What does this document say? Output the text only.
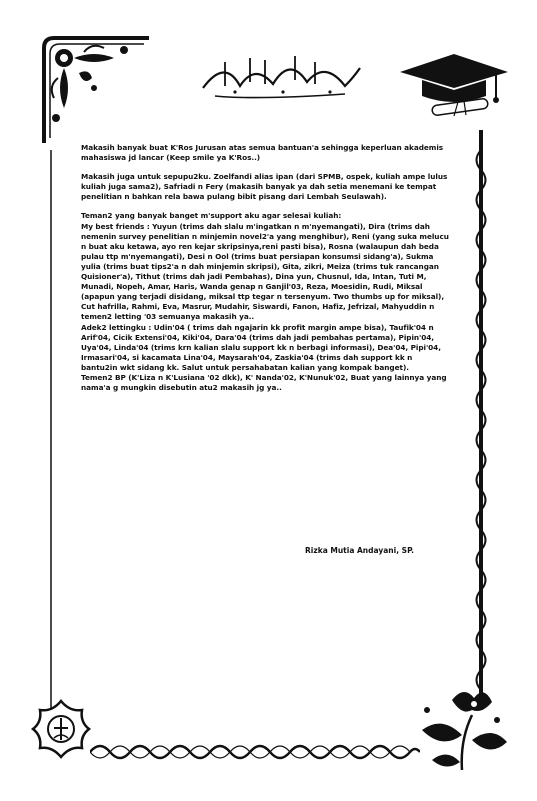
Makasih banyak buat K'Ros Jurusan atas semua bantuan'a sehingga keperluan akademis mahasiswa jd lancar (Keep smile ya K'Ros..)

Makasih juga untuk sepupu2ku. Zoelfandi alias ipan (dari SPMB, ospek, kuliah ampe lulus kuliah juga sama2), Safriadi n Fery (makasih banyak ya dah setia menemani ke tempat penelitian n bahkan rela bawa pulang bibit pisang dari Lembah Seulawah).

Teman2 yang banyak banget m'support aku agar selesai kuliah:

My best friends : Yuyun (trims dah slalu m'ingatkan n m'nyemangati), Dira (trims dah nemenin survey penelitian n minjemin novel2'a yang menghibur), Reni (yang suka melucu n buat aku ketawa, ayo ren kejar skripsinya,reni pasti bisa), Rosna (walaupun dah beda pulau ttp m'nyemangati), Desi n Ool (trims buat persiapan konsumsi sidang'a), Sukma yulia (trims buat tips2'a n dah minjemin skripsi), Gita, zikri, Meiza (trims tuk rancangan Quisioner'a), Tithut (trims dah jadi Pembahas), Dina yun, Chusnul, Ida, Intan, Tuti M, Munadi, Nopeh, Amar, Haris, Wanda genap n Ganjil'03, Reza, Moesidin, Rudi, Miksal (apapun yang terjadi disidang, miksal ttp tegar n tersenyum. Two thumbs up for miksal), Cut hafrilla, Rahmi, Eva, Masrur, Mudahir, Siswardi, Fanon, Hafiz, Jefrizal, Mahyuddin n temen2 letting '03 semuanya makasih ya..

Adek2 lettingku : Udin'04 ( trims dah ngajarin kk profit margin ampe bisa), Taufik'04 n Arif'04, Cicik Extensi'04, Kiki'04, Dara'04 (trims dah jadi pembahas pertama), Pipin'04, Uya'04, Linda'04 (trims krn kalian slalu support kk n berbagi informasi), Dea'04, Pipi'04, Irmasari'04, si kacamata Lina'04, Maysarah'04, Zaskia'04 (trims dah support kk n bantu2in wkt sidang kk. Salut untuk persahabatan kalian yang kompak banget).

Temen2 BP (K'Liza n K'Lusiana '02 dkk), K' Nanda'02, K'Nunuk'02, Buat yang lainnya yang nama'a g mungkin disebutin atu2 makasih jg ya..

Rizka Mutia Andayani, SP.
